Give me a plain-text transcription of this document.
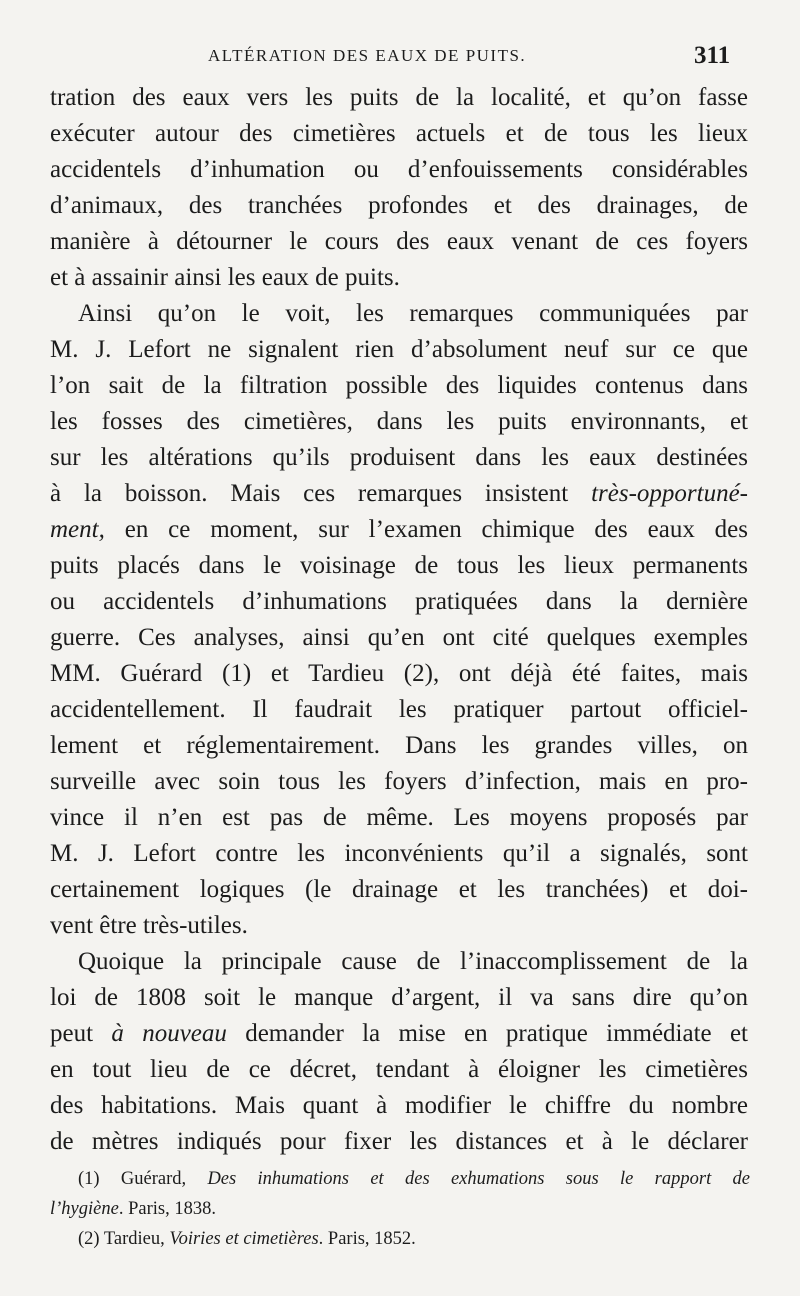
ALTÉRATION DES EAUX DE PUITS.	311
tration des eaux vers les puits de la localité, et qu’on fasse
exécuter autour des cimetières actuels et de tous les lieux
accidentels d’inhumation ou d’enfouissements considérables
d’animaux, des tranchées profondes et des drainages, de
manière à détourner le cours des eaux venant de ces foyers
et à assainir ainsi les eaux de puits.
Ainsi qu’on le voit, les remarques communiquées par
M. J. Lefort ne signalent rien d’absolument neuf sur ce que
l’on sait de la filtration possible des liquides contenus dans
les fosses des cimetières, dans les puits environnants, et
sur les altérations qu’ils produisent dans les eaux destinées
à la boisson. Mais ces remarques insistent très-opportuné-
ment, en ce moment, sur l’examen chimique des eaux des
puits placés dans le voisinage de tous les lieux permanents
ou accidentels d’inhumations pratiquées dans la dernière
guerre. Ces analyses, ainsi qu’en ont cité quelques exemples
MM. Guérard (1) et Tardieu (2), ont déjà été faites, mais
accidentellement. Il faudrait les pratiquer partout officiel-
lement et réglementairement. Dans les grandes villes, on
surveille avec soin tous les foyers d’infection, mais en pro-
vince il n’en est pas de même. Les moyens proposés par
M. J. Lefort contre les inconvénients qu’il a signalés, sont
certainement logiques (le drainage et les tranchées) et doi-
vent être très-utiles.
Quoique la principale cause de l’inaccomplissement de la
loi de 1808 soit le manque d’argent, il va sans dire qu’on
peut à nouveau demander la mise en pratique immédiate et
en tout lieu de ce décret, tendant à éloigner les cimetières
des habitations. Mais quant à modifier le chiffre du nombre
de mètres indiqués pour fixer les distances et à le déclarer
(1) Guérard, Des inhumations et des exhumations sous le rapport de
l’hygiène. Paris, 1838.
(2) Tardieu, Voiries et cimetières. Paris, 1852.
